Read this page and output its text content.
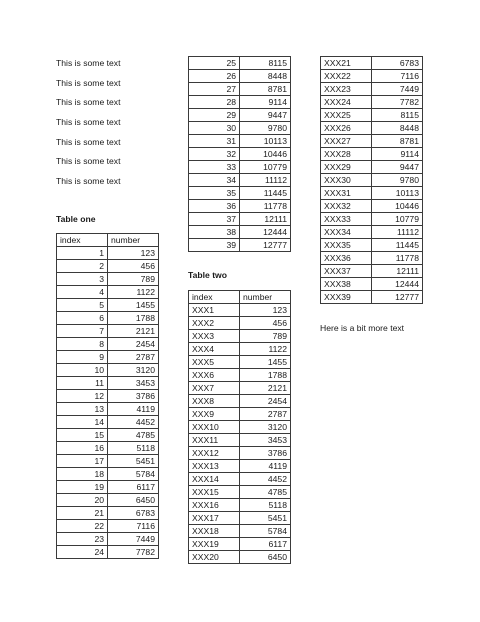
This is some text
This is some text
This is some text
This is some text
This is some text
This is some text
This is some text
Table one
index	number
1	123
2	456
3	789
4	1122
5	1455
6	1788
7	2121
8	2454
9	2787
10	3120
11	3453
12	3786
13	4119
14	4452
15	4785
16	5118
17	5451
18	5784
19	6117
20	6450
21	6783
22	7116
23	7449
24	7782
25	8115
26	8448
27	8781
28	9114
29	9447
30	9780
31	10113
32	10446
33	10779
34	11112
35	11445
36	11778
37	12111
38	12444
39	12777
Table two
index	number
XXX1	123
XXX2	456
XXX3	789
XXX4	1122
XXX5	1455
XXX6	1788
XXX7	2121
XXX8	2454
XXX9	2787
XXX10	3120
XXX11	3453
XXX12	3786
XXX13	4119
XXX14	4452
XXX15	4785
XXX16	5118
XXX17	5451
XXX18	5784
XXX19	6117
XXX20	6450
XXX21	6783
XXX22	7116
XXX23	7449
XXX24	7782
XXX25	8115
XXX26	8448
XXX27	8781
XXX28	9114
XXX29	9447
XXX30	9780
XXX31	10113
XXX32	10446
XXX33	10779
XXX34	11112
XXX35	11445
XXX36	11778
XXX37	12111
XXX38	12444
XXX39	12777
Here is a bit more text
